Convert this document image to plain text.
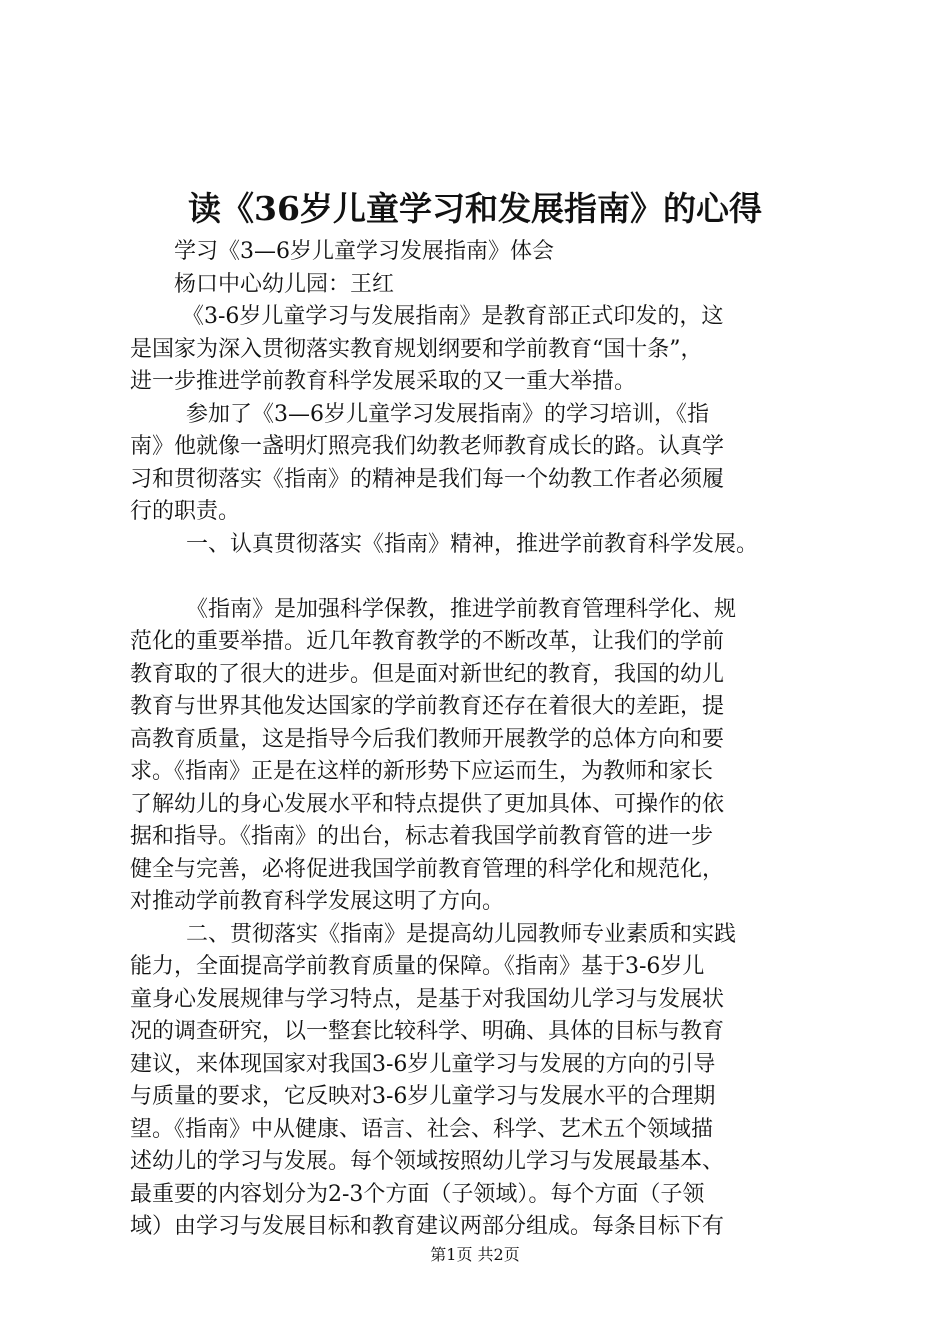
读《36岁儿童学习和发展指南》的心得
学习《3—6岁儿童学习发展指南》体会
杨口中心幼儿园：王红
《3-6岁儿童学习与发展指南》是教育部正式印发的，这
是国家为深入贯彻落实教育规划纲要和学前教育“国十条”，
进一步推进学前教育科学发展采取的又一重大举措。
参加了《3—6岁儿童学习发展指南》的学习培训，《指
南》他就像一盏明灯照亮我们幼教老师教育成长的路。认真学
习和贯彻落实《指南》的精神是我们每一个幼教工作者必须履
行的职责。
一、认真贯彻落实《指南》精神，推进学前教育科学发展。
《指南》是加强科学保教，推进学前教育管理科学化、规
范化的重要举措。近几年教育教学的不断改革，让我们的学前
教育取的了很大的进步。但是面对新世纪的教育，我国的幼儿
教育与世界其他发达国家的学前教育还存在着很大的差距，提
高教育质量，这是指导今后我们教师开展教学的总体方向和要
求。《指南》正是在这样的新形势下应运而生，为教师和家长
了解幼儿的身心发展水平和特点提供了更加具体、可操作的依
据和指导。《指南》的出台，标志着我国学前教育管的进一步
健全与完善，必将促进我国学前教育管理的科学化和规范化，
对推动学前教育科学发展这明了方向。
二、贯彻落实《指南》是提高幼儿园教师专业素质和实践
能力，全面提高学前教育质量的保障。《指南》基于3-6岁儿
童身心发展规律与学习特点，是基于对我国幼儿学习与发展状
况的调查研究，以一整套比较科学、明确、具体的目标与教育
建议，来体现国家对我国3-6岁儿童学习与发展的方向的引导
与质量的要求，它反映对3-6岁儿童学习与发展水平的合理期
望。《指南》中从健康、语言、社会、科学、艺术五个领域描
述幼儿的学习与发展。每个领域按照幼儿学习与发展最基本、
最重要的内容划分为2-3个方面（子领域）。每个方面（子领
域）由学习与发展目标和教育建议两部分组成。每条目标下有
第1页 共2页
